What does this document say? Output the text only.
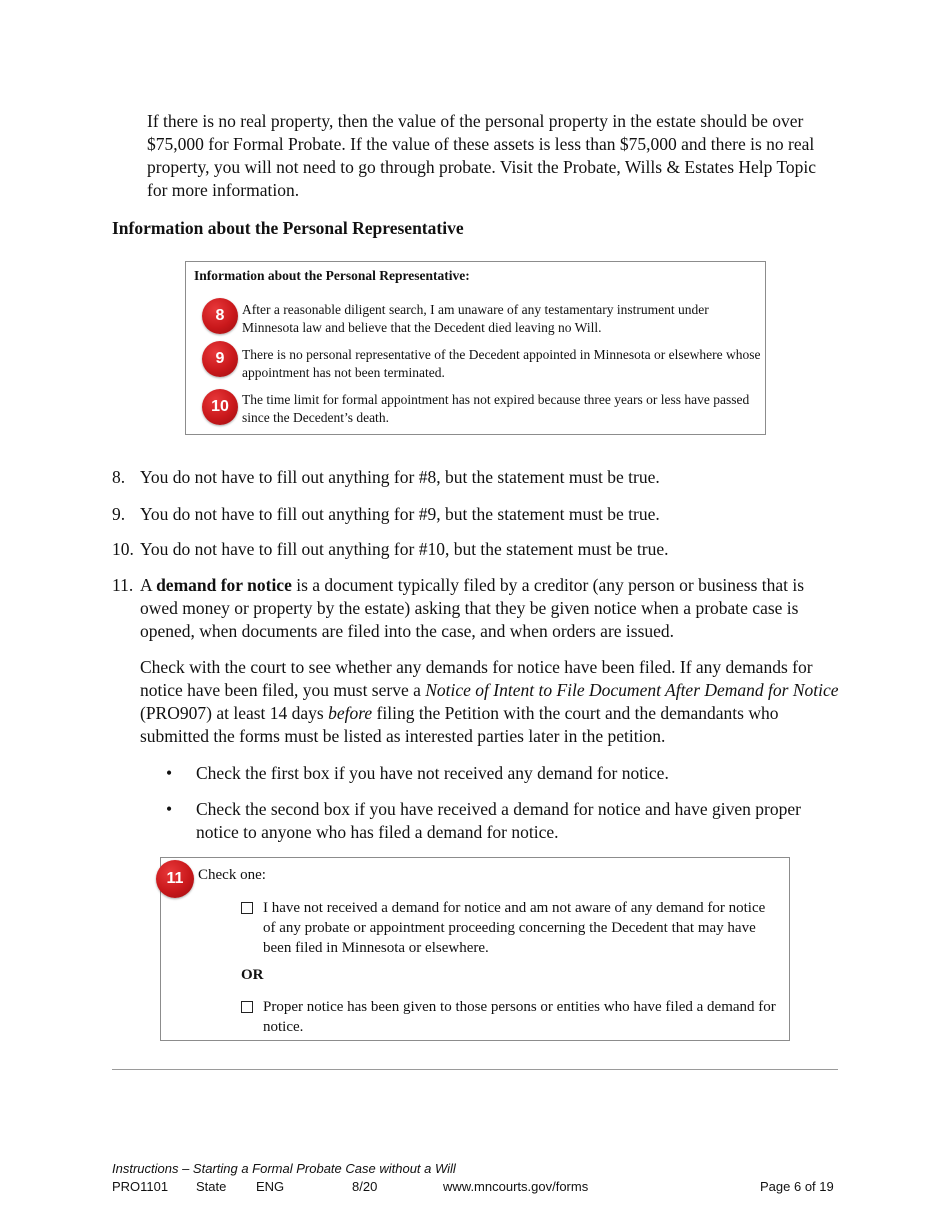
If there is no real property, then the value of the personal property in the estate should be over $75,000 for Formal Probate. If the value of these assets is less than $75,000 and there is no real property, you will not need to go through probate. Visit the Probate, Wills & Estates Help Topic for more information.
Information about the Personal Representative
Information about the Personal Representative:
8	After a reasonable diligent search, I am unaware of any testamentary instrument under Minnesota law and believe that the Decedent died leaving no Will.
9	There is no personal representative of the Decedent appointed in Minnesota or elsewhere whose appointment has not been terminated.
10 The time limit for formal appointment has not expired because three years or less have passed since the Decedent’s death.
8. You do not have to fill out anything for #8, but the statement must be true.
9. You do not have to fill out anything for #9, but the statement must be true.
10. You do not have to fill out anything for #10, but the statement must be true.
11. A demand for notice is a document typically filed by a creditor (any person or business that is owed money or property by the estate) asking that they be given notice when a probate case is opened, when documents are filed into the case, and when orders are issued.
Check with the court to see whether any demands for notice have been filed. If any demands for notice have been filed, you must serve a Notice of Intent to File Document After Demand for Notice (PRO907) at least 14 days before filing the Petition with the court and the demandants who submitted the forms must be listed as interested parties later in the petition.
• Check the first box if you have not received any demand for notice.
• Check the second box if you have received a demand for notice and have given proper notice to anyone who has filed a demand for notice.
11 Check one:
I have not received a demand for notice and am not aware of any demand for notice of any probate or appointment proceeding concerning the Decedent that may have been filed in Minnesota or elsewhere.
OR
Proper notice has been given to those persons or entities who have filed a demand for notice.
Instructions – Starting a Formal Probate Case without a Will
PRO1101 State ENG	8/20	www.mncourts.gov/forms	Page 6 of 19
